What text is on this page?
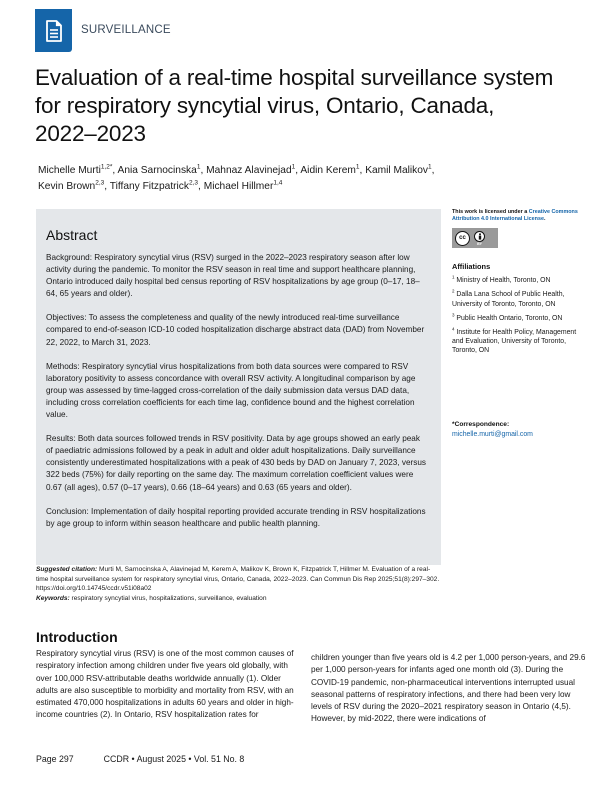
SURVEILLANCE
Evaluation of a real-time hospital surveillance system for respiratory syncytial virus, Ontario, Canada, 2022–2023
Michelle Murti$^{1,2*}$, Ania Sarnocinska$^1$, Mahnaz Alavinejad$^1$, Aidin Kerem$^1$, Kamil Malikov$^1$,
Kevin Brown$^{2,3}$, Tiffany Fitzpatrick$^{2,3}$, Michael Hillmer$^{1,4}$
Abstract

Background: Respiratory syncytial virus (RSV) surged in the 2022–2023 respiratory season after low activity during the pandemic. To monitor the RSV season in real time and support healthcare planning, Ontario introduced daily hospital bed census reporting of RSV hospitalizations by age group (0–17, 18–64, 65 years and older).

Objectives: To assess the completeness and quality of the newly introduced real-time surveillance compared to end-of-season ICD-10 coded hospitalization discharge abstract data (DAD) from November 22, 2022, to March 31, 2023.

Methods: Respiratory syncytial virus hospitalizations from both data sources were compared to RSV laboratory positivity to assess concordance with overall RSV activity. A longitudinal comparison by age group was assessed by time-lagged cross-correlation of the daily submission data versus DAD data, including cross correlation coefficients for each time lag, confidence bound and the highest correlation value.

Results: Both data sources followed trends in RSV positivity. Data by age groups showed an early peak of paediatric admissions followed by a peak in adult and older adult hospitalizations. Daily surveillance consistently underestimated hospitalizations with a peak of 430 beds by DAD on January 7, 2023, versus 322 beds (75%) for daily reporting on the same day. The maximum correlation coefficient values were 0.67 (all ages), 0.57 (0–17 years), 0.66 (18–64 years) and 0.63 (65 years and older).

Conclusion: Implementation of daily hospital reporting provided accurate trending in RSV hospitalizations by age group to inform within season healthcare and public health planning.

Suggested citation: Murti M, Sarnocinska A, Alavinejad M, Kerem A, Malikov K, Brown K, Fitzpatrick T, Hillmer M. Evaluation of a real-time hospital surveillance system for respiratory syncytial virus, Ontario, Canada, 2022–2023. Can Commun Dis Rep 2025;51(8):297–302. https://doi.org/10.14745/ccdr.v51i08a02
Keywords: respiratory syncytial virus, hospitalizations, surveillance, evaluation
This work is licensed under a Creative Commons Attribution 4.0 International License.
cc
BY
Affiliations
$^1$ Ministry of Health, Toronto, ON
$^2$ Dalla Lana School of Public Health, University of Toronto, Toronto, ON
$^3$ Public Health Ontario, Toronto, ON
$^4$ Institute for Health Policy, Management and Evaluation, University of Toronto, Toronto, ON
*Correspondence:
michelle.murti@gmail.com
Introduction

Respiratory syncytial virus (RSV) is one of the most common causes of respiratory infection among children under five years old globally, with over 100,000 RSV-attributable deaths worldwide annually (1). Older adults are also susceptible to morbidity and mortality from RSV, with an estimated 470,000 hospitalizations in adults 60 years and older in high-income countries (2). In Ontario, RSV hospitalization rates for

children younger than five years old is 4.2 per 1,000 person-years, and 29.6 per 1,000 person-years for infants aged one month old (3). During the COVID-19 pandemic, non-pharmaceutical interventions interrupted usual seasonal patterns of respiratory infections, and there had been very low levels of RSV during the 2020–2021 respiratory season in Ontario (4,5). However, by mid-2022, there were indications of

Page 297	CCDR • August 2025 • Vol. 51 No. 8
